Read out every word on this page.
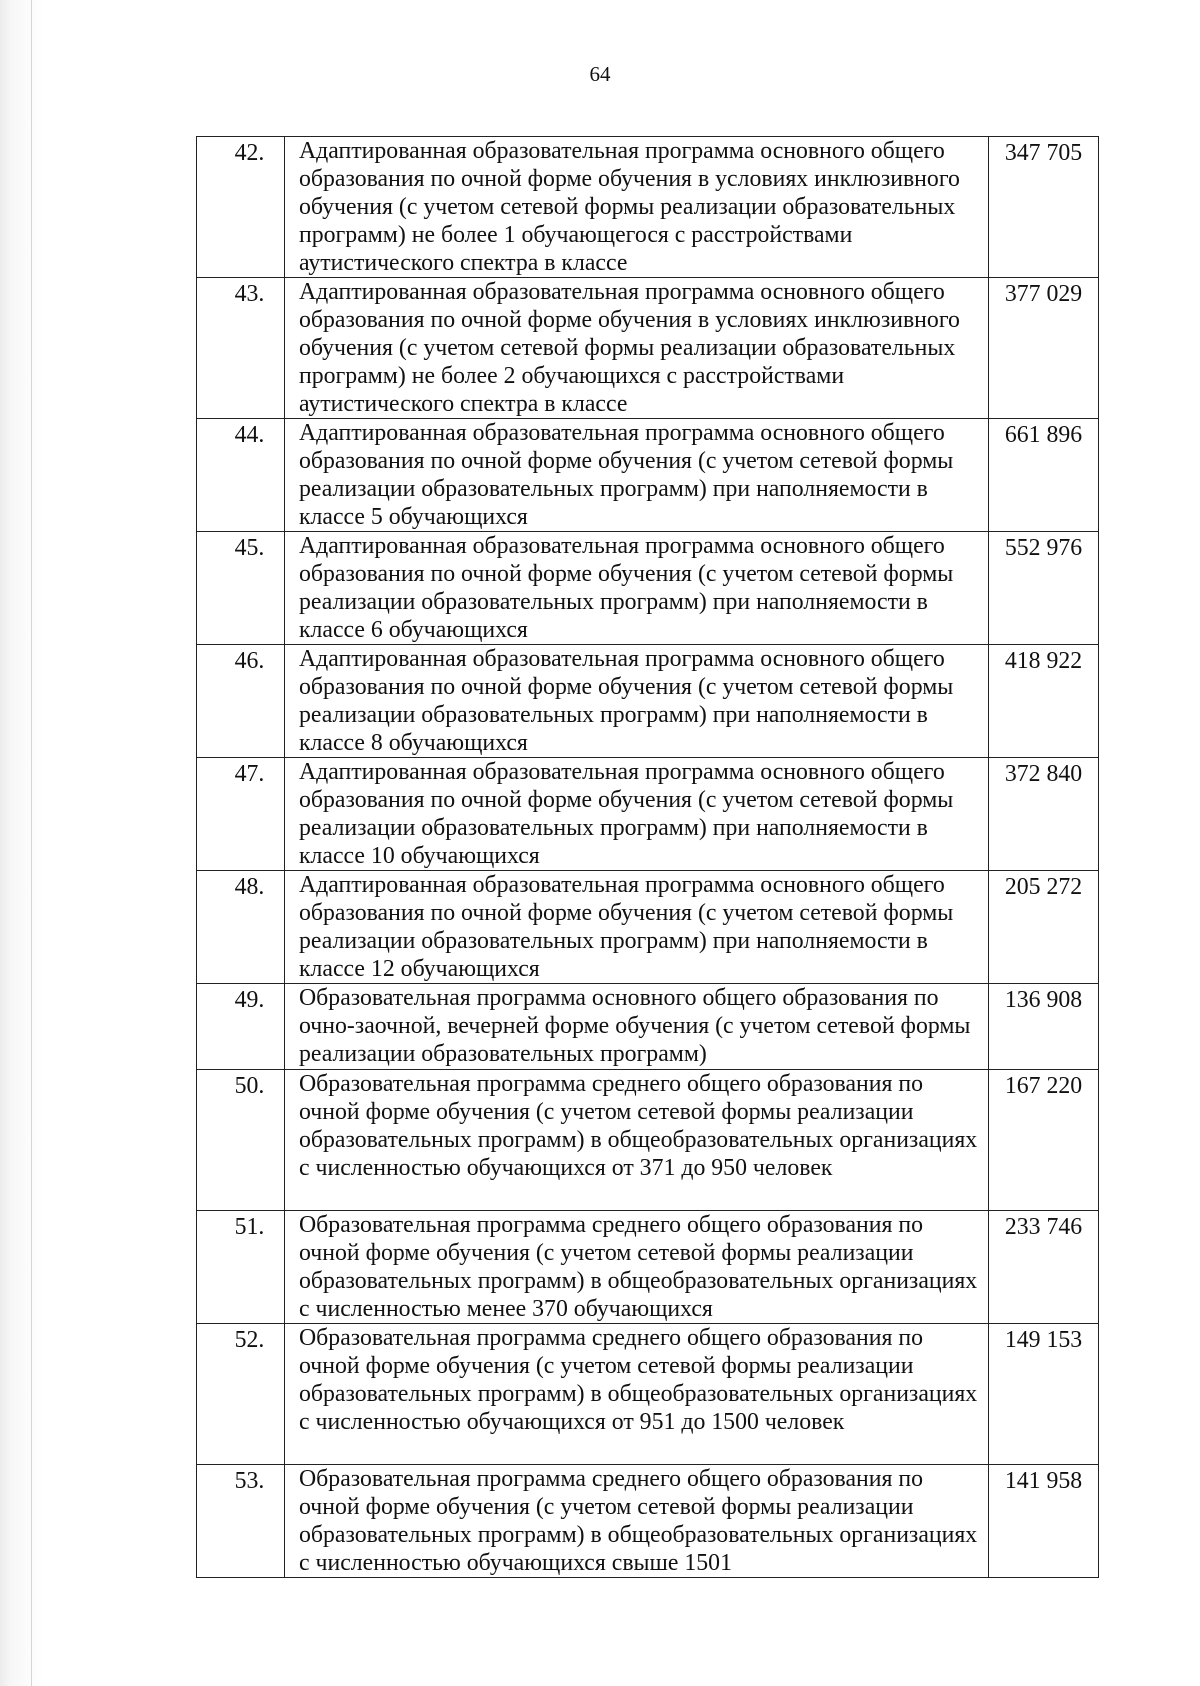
64
42.	Адаптированная образовательная программа основного общего образования по очной форме обучения в условиях инклюзивного обучения (с учетом сетевой формы реализации образовательных программ) не более 1 обучающегося с расстройствами аутистического спектра в классе	347 705
43.	Адаптированная образовательная программа основного общего образования по очной форме обучения в условиях инклюзивного обучения (с учетом сетевой формы реализации образовательных программ) не более 2 обучающихся с расстройствами аутистического спектра в классе	377 029
44.	Адаптированная образовательная программа основного общего образования по очной форме обучения (с учетом сетевой формы реализации образовательных программ) при наполняемости в классе 5 обучающихся	661 896
45.	Адаптированная образовательная программа основного общего образования по очной форме обучения (с учетом сетевой формы реализации образовательных программ) при наполняемости в классе 6 обучающихся	552 976
46.	Адаптированная образовательная программа основного общего образования по очной форме обучения (с учетом сетевой формы реализации образовательных программ) при наполняемости в классе 8 обучающихся	418 922
47.	Адаптированная образовательная программа основного общего образования по очной форме обучения (с учетом сетевой формы реализации образовательных программ) при наполняемости в классе 10 обучающихся	372 840
48.	Адаптированная образовательная программа основного общего образования по очной форме обучения (с учетом сетевой формы реализации образовательных программ) при наполняемости в классе 12 обучающихся	205 272
49.	Образовательная программа основного общего образования по очно-заочной, вечерней форме обучения (с учетом сетевой формы реализации образовательных программ)	136 908
50.	Образовательная программа среднего общего образования по очной форме обучения (с учетом сетевой формы реализации образовательных программ) в общеобразовательных организациях с численностью обучающихся от 371 до 950 человек	167 220
51.	Образовательная программа среднего общего образования по очной форме обучения (с учетом сетевой формы реализации образовательных программ) в общеобразовательных организациях с численностью менее 370 обучающихся	233 746
52.	Образовательная программа среднего общего образования по очной форме обучения (с учетом сетевой формы реализации образовательных программ) в общеобразовательных организациях с численностью обучающихся от 951 до 1500 человек	149 153
53.	Образовательная программа среднего общего образования по очной форме обучения (с учетом сетевой формы реализации образовательных программ) в общеобразовательных организациях с численностью обучающихся свыше 1501	141 958
